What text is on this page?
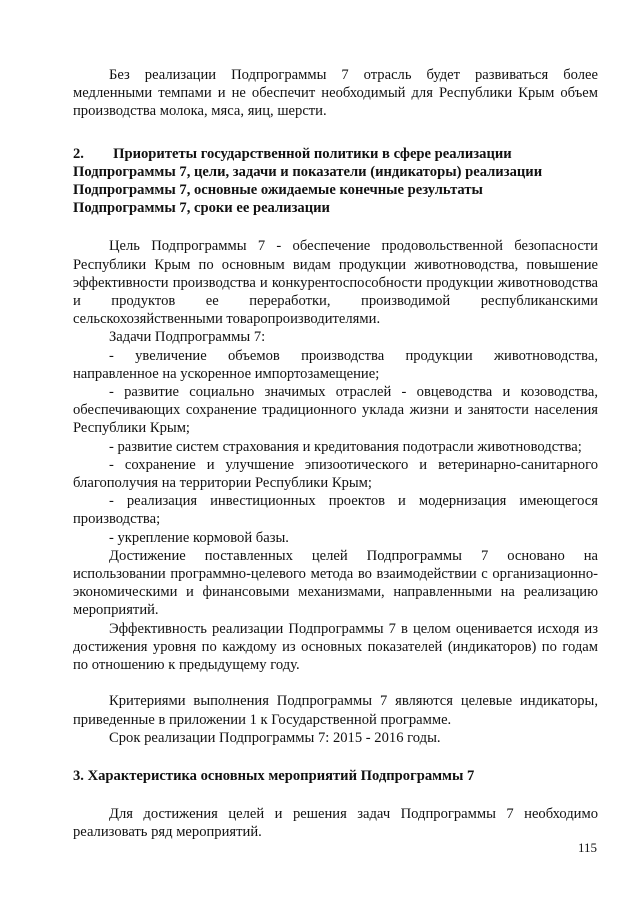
Без реализации Подпрограммы 7 отрасль будет развиваться более медленными темпами и не обеспечит необходимый для Республики Крым объем производства молока, мяса, яиц, шерсти.

2.        Приоритеты государственной политики в сфере реализации

Подпрограммы 7, цели, задачи и показатели (индикаторы) реализации

Подпрограммы 7, основные ожидаемые конечные результаты

Подпрограммы 7, сроки ее реализации

Цель Подпрограммы 7 - обеспечение продовольственной безопасности Республики Крым по основным видам продукции животноводства, повышение эффективности производства и конкурентоспособности продукции животноводства и продуктов ее переработки, производимой республиканскими сельскохозяйственными товаропроизводителями.

Задачи Подпрограммы 7:

- увеличение объемов производства продукции животноводства, направленное на ускоренное импортозамещение;

- развитие социально значимых отраслей - овцеводства и козоводства, обеспечивающих сохранение традиционного уклада жизни и занятости населения Республики Крым;

- развитие систем страхования и кредитования подотрасли животноводства;

- сохранение и улучшение эпизоотического и ветеринарно-санитарного благополучия на территории Республики Крым;

- реализация инвестиционных проектов и модернизация имеющегося производства;

- укрепление кормовой базы.

Достижение поставленных целей Подпрограммы 7 основано на использовании программно-целевого метода во взаимодействии с организационно-экономическими и финансовыми механизмами, направленными на реализацию мероприятий.

Эффективность реализации Подпрограммы 7 в целом оценивается исходя из достижения уровня по каждому из основных показателей (индикаторов) по годам по отношению к предыдущему году.

Критериями выполнения Подпрограммы 7 являются целевые индикаторы, приведенные в приложении 1 к Государственной программе.

Срок реализации Подпрограммы 7: 2015 - 2016 годы.

3. Характеристика основных мероприятий Подпрограммы 7

Для достижения целей и решения задач Подпрограммы 7 необходимо реализовать ряд мероприятий.

115
